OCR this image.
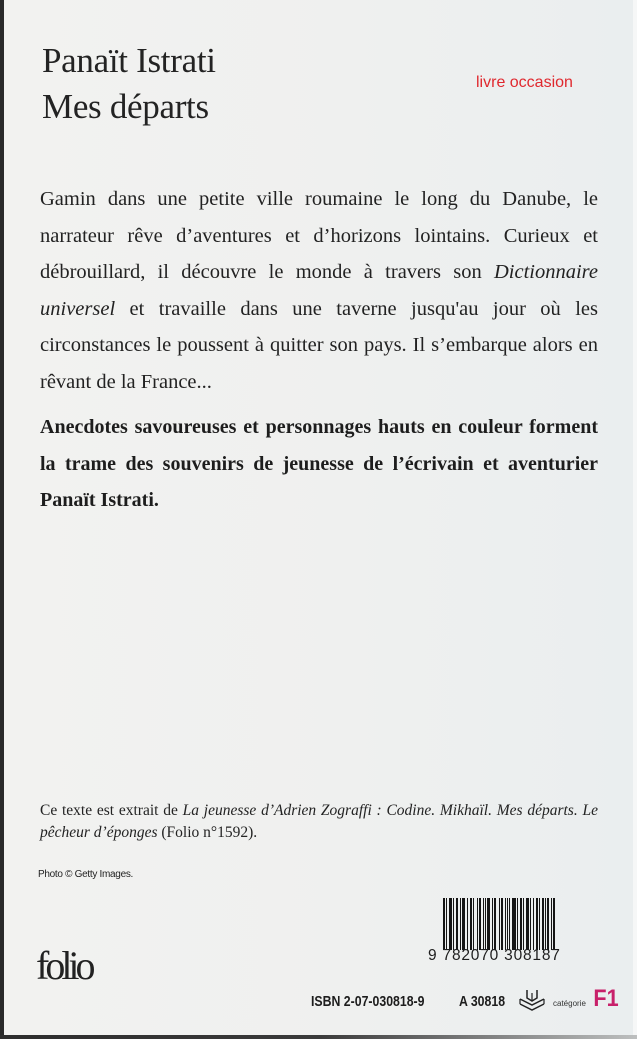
Panaït Istrati
Mes départs
livre occasion

Gamin dans une petite ville roumaine le long du Danube, le narrateur rêve d’aventures et d’horizons lointains. Curieux et débrouillard, il découvre le monde à travers son Dictionnaire universel et travaille dans une taverne jusqu'au jour où les circonstances le poussent à quitter son pays. Il s’embarque alors en rêvant de la France...

Anecdotes savoureuses et personnages hauts en couleur forment la trame des souvenirs de jeunesse de l’écrivain et aventurier Panaït Istrati.

Ce texte est extrait de La jeunesse d’Adrien Zograffi : Codine. Mikhaïl. Mes départs. Le pêcheur d’éponges (Folio n°1592).

Photo © Getty Images.
folio	9 782070 308187
ISBN 2-07-030818-9 A 30818	catégorie F1
